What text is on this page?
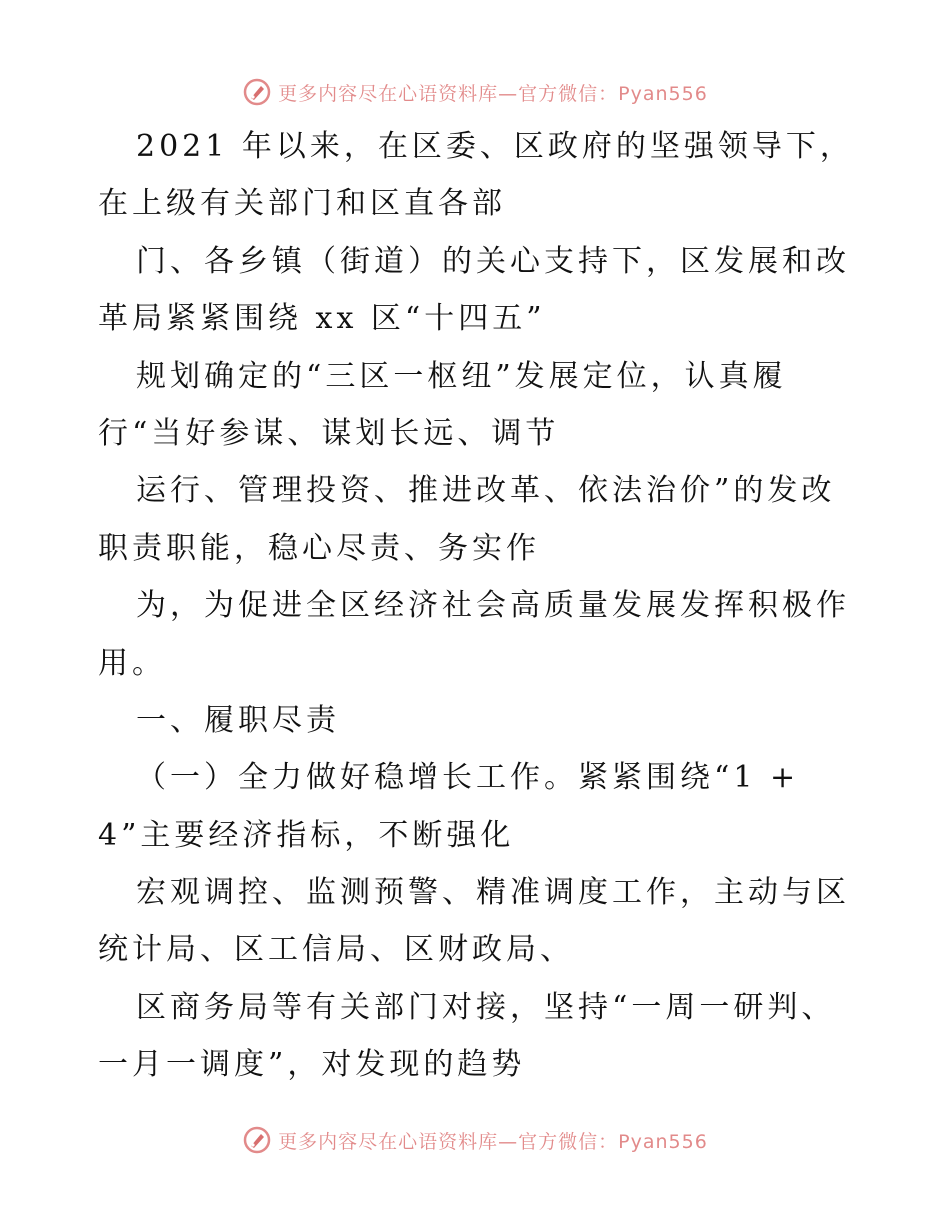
更多内容尽在心语资料库—官方微信：Pyan556
2021 年以来，在区委、区政府的坚强领导下，
在上级有关部门和区直各部
门、各乡镇（街道）的关心支持下，区发展和改
革局紧紧围绕 xx 区“十四五”
规划确定的“三区一枢纽”发展定位，认真履
行“当好参谋、谋划长远、调节
运行、管理投资、推进改革、依法治价”的发改
职责职能，稳心尽责、务实作
为，为促进全区经济社会高质量发展发挥积极作
用。
一、履职尽责
（一）全力做好稳增长工作。紧紧围绕“1 +
4”主要经济指标，不断强化
宏观调控、监测预警、精准调度工作，主动与区
统计局、区工信局、区财政局、
区商务局等有关部门对接，坚持“一周一研判、
一月一调度”，对发现的趋势
更多内容尽在心语资料库—官方微信：Pyan556
